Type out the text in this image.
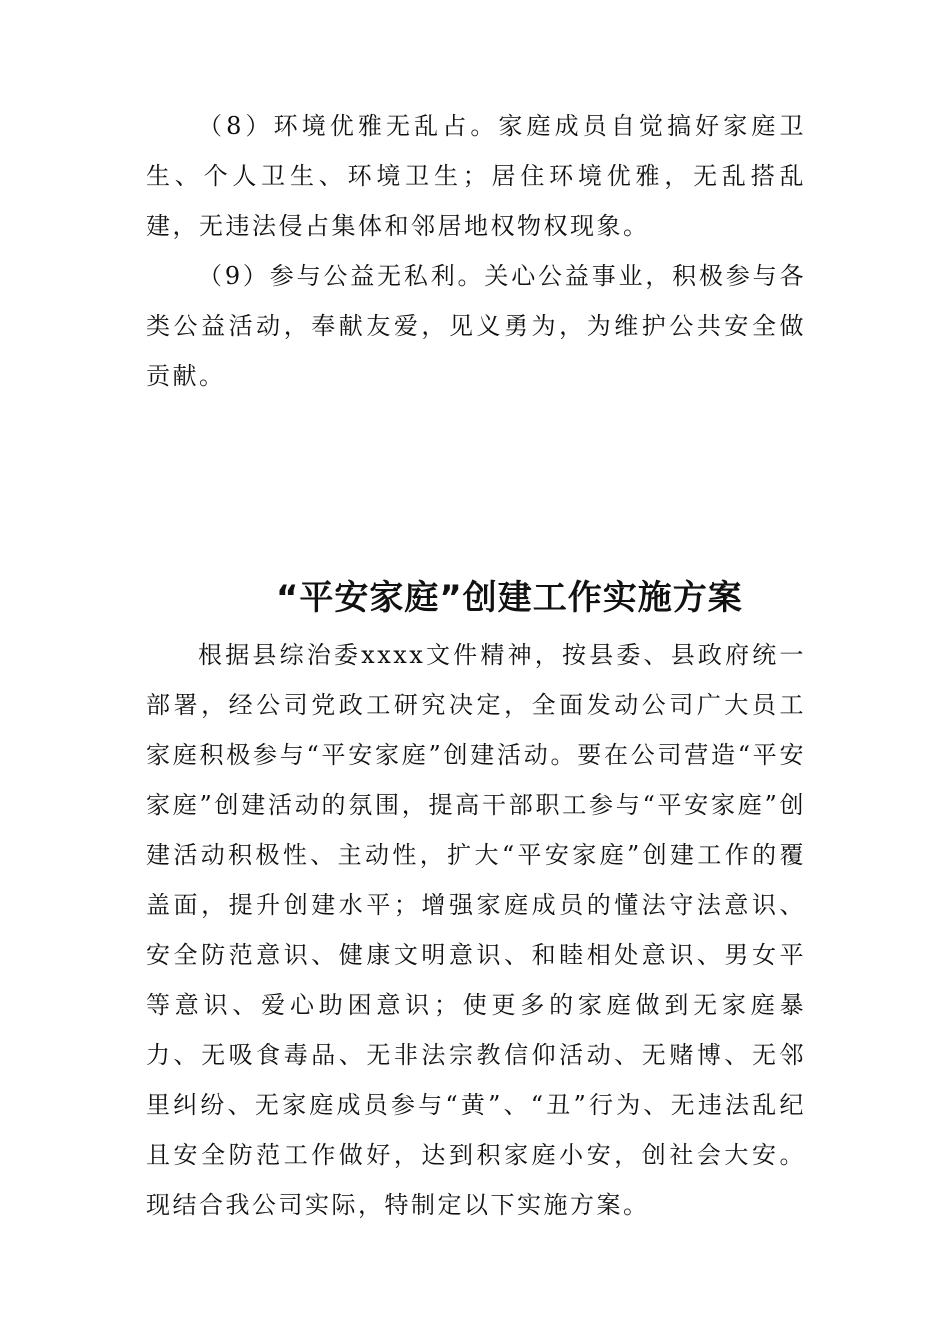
（8）环境优雅无乱占。家庭成员自觉搞好家庭卫生、个人卫生、环境卫生；居住环境优雅，无乱搭乱建，无违法侵占集体和邻居地权物权现象。

（9）参与公益无私利。关心公益事业，积极参与各类公益活动，奉献友爱，见义勇为，为维护公共安全做贡献。

“平安家庭”创建工作实施方案

根据县综治委xxxx文件精神，按县委、县政府统一部署，经公司党政工研究决定，全面发动公司广大员工家庭积极参与“平安家庭”创建活动。要在公司营造“平安家庭”创建活动的氛围，提高干部职工参与“平安家庭”创建活动积极性、主动性，扩大“平安家庭”创建工作的覆盖面，提升创建水平；增强家庭成员的懂法守法意识、安全防范意识、健康文明意识、和睦相处意识、男女平等意识、爱心助困意识；使更多的家庭做到无家庭暴力、无吸食毒品、无非法宗教信仰活动、无赌博、无邻里纠纷、无家庭成员参与“黄”、“丑”行为、无违法乱纪且安全防范工作做好，达到积家庭小安，创社会大安。现结合我公司实际，特制定以下实施方案。
